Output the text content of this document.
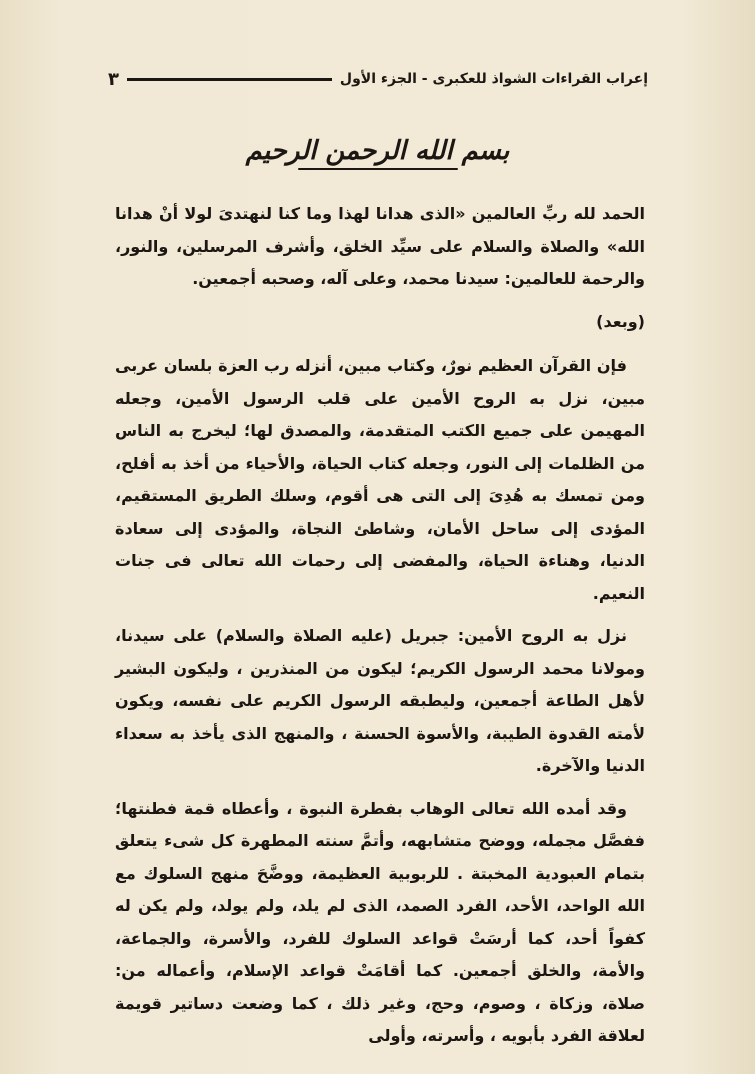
‏ ‏
إعراب القراءات الشواذ للعكبرى - الجزء الأول
٣
بسم الله الرحمن الرحيم

الحمد لله ربِّ العالمين «الذى هدانا لهذا وما كنا لنهتدىَ لولا أنْ هدانا الله» والصلاة والسلام على سيِّد الخلق، وأشرف المرسلين، والنور، والرحمة للعالمين: سيدنا محمد، وعلى آله، وصحبه أجمعين.

(وبعد)

فإن القرآن العظيم نورٌ، وكتاب مبين، أنزله رب العزة بلسان عربى مبين، نزل به الروح الأمين على قلب الرسول الأمين، وجعله المهيمن على جميع الكتب المتقدمة، والمصدق لها؛ ليخرج به الناس من الظلمات إلى النور، وجعله كتاب الحياة، والأحياء من أخذ به أفلح، ومن تمسك به هُدِىَ إلى التى هى أقوم، وسلك الطريق المستقيم، المؤدى إلى ساحل الأمان، وشاطئ النجاة، والمؤدى إلى سعادة الدنيا، وهناءة الحياة، والمفضى إلى رحمات الله تعالى فى جنات النعيم.

نزل به الروح الأمين: جبريل (عليه الصلاة والسلام) على سيدنا، ومولانا محمد الرسول الكريم؛ ليكون من المنذرين ، وليكون البشير لأهل الطاعة أجمعين، وليطبقه الرسول الكريم على نفسه، ويكون لأمته القدوة الطيبة، والأسوة الحسنة ، والمنهج الذى يأخذ به سعداء الدنيا والآخرة.

وقد أمده الله تعالى الوهاب بفطرة النبوة ، وأعطاه قمة فطنتها؛ ففصَّل مجمله، ووضح متشابهه، وأتمَّ سنته المطهرة كل شىء يتعلق بتمام العبودية المخبتة . للربوبية العظيمة، ووضَّحَ منهج السلوك مع الله الواحد، الأحد، الفرد الصمد، الذى لم يلد، ولم يولد، ولم يكن له كفواً أحد، كما أرسَتْ قواعد السلوك للفرد، والأسرة، والجماعة، والأمة، والخلق أجمعين. كما أقامَتْ قواعد الإسلام، وأعماله من: صلاة، وزكاة ، وصوم، وحج، وغير ذلك ، كما وضعت دساتير قويمة لعلاقة الفرد بأبويه ، وأسرته، وأولى
